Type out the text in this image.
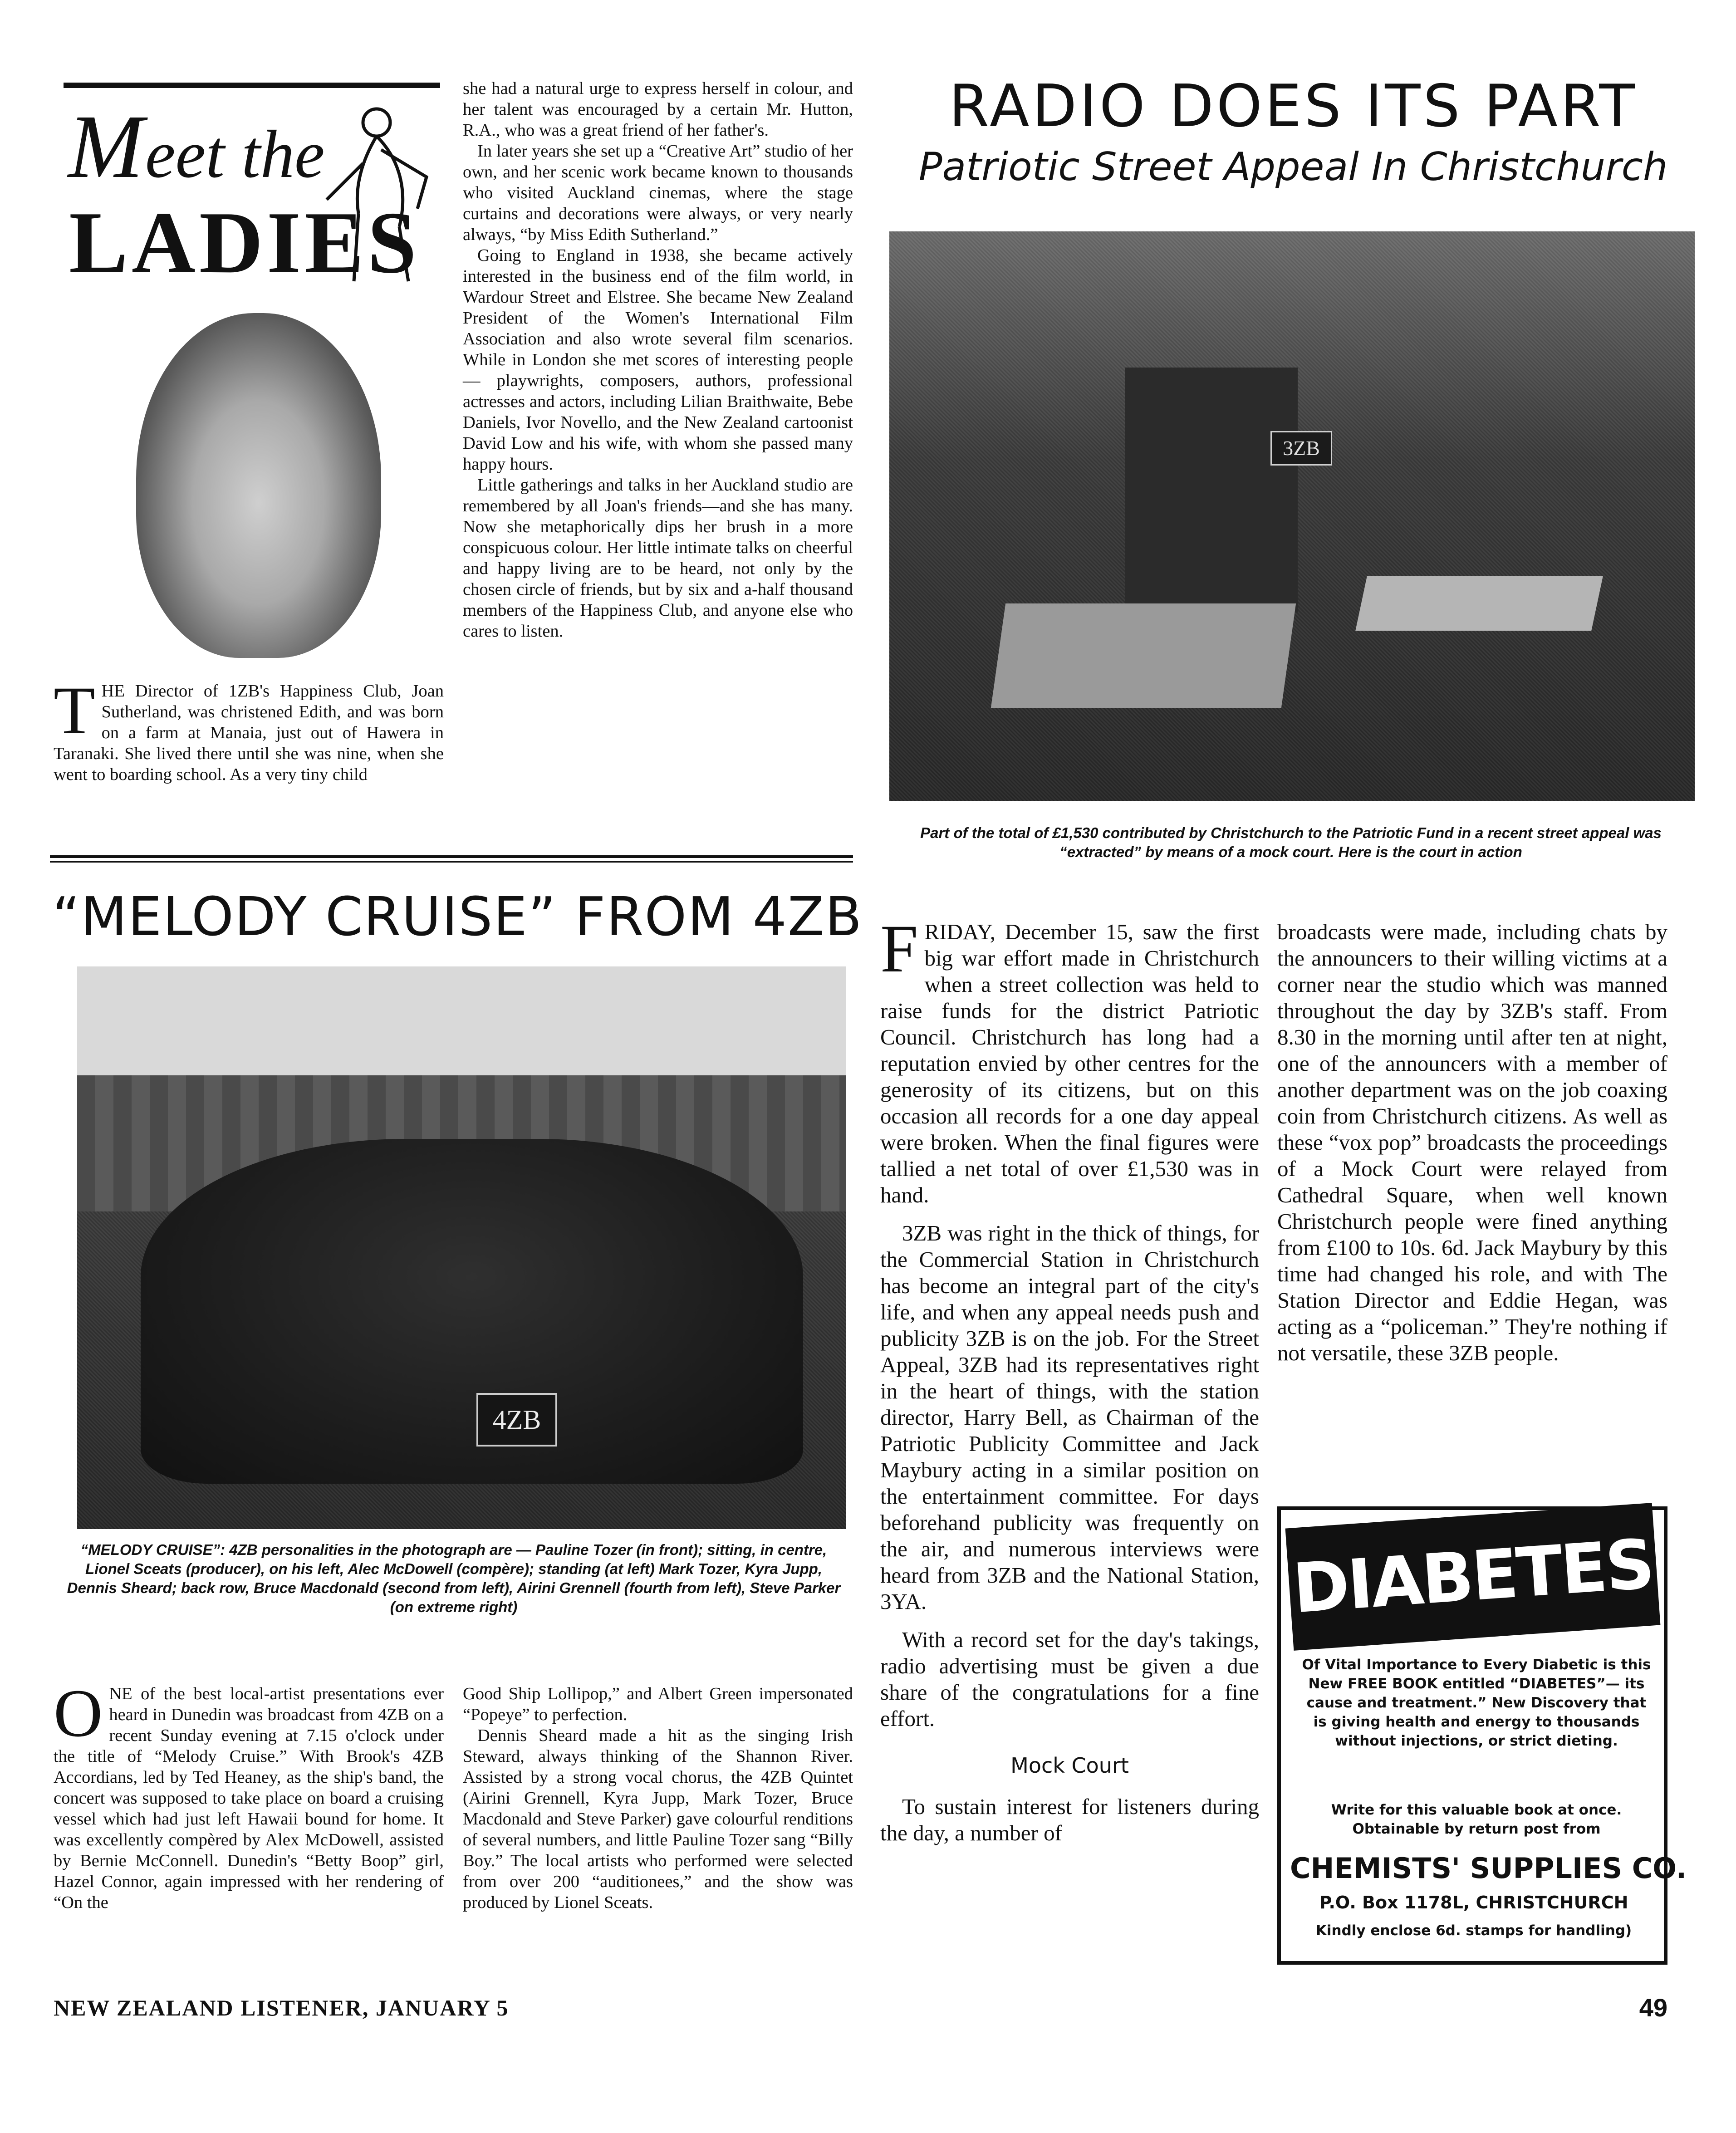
M eet the
LADIES
T HE Director of 1ZB's Happiness Club, Joan Sutherland, was christened Edith, and was born on a farm at Manaia, just out of Hawera in Taranaki. She lived there until she was nine, when she went to boarding school. As a very tiny child

she had a natural urge to express herself in colour, and her talent was encouraged by a certain Mr. Hutton, R.A., who was a great friend of her father's.

In later years she set up a “Creative Art” studio of her own, and her scenic work became known to thousands who visited Auckland cinemas, where the stage curtains and decorations were always, or very nearly always, “by Miss Edith Sutherland.”

Going to England in 1938, she became actively interested in the business end of the film world, in Wardour Street and Elstree. She became New Zealand President of the Women's International Film Association and also wrote several film scenarios. While in London she met scores of interesting people — playwrights, composers, authors, professional actresses and actors, including Lilian Braithwaite, Bebe Daniels, Ivor Novello, and the New Zealand cartoonist David Low and his wife, with whom she passed many happy hours.

Little gatherings and talks in her Auckland studio are remembered by all Joan's friends—and she has many. Now she metaphorically dips her brush in a more conspicuous colour. Her little intimate talks on cheerful and happy living are to be heard, not only by the chosen circle of friends, but by six and a-half thousand members of the Happiness Club, and anyone else who cares to listen.

RADIO DOES ITS PART
Patriotic Street Appeal In Christchurch
3ZB
Part of the total of £1,530 contributed by Christchurch to the Patriotic Fund in a recent street appeal was “extracted” by means of a mock court. Here is the court in action

FRIDAY, December 15, saw the first big war effort made in Christchurch when a street collection was held to raise funds for the district Patriotic Council. Christchurch has long had a reputation envied by other centres for the generosity of its citizens, but on this occasion all records for a one day appeal were broken. When the final figures were tallied a net total of over £1,530 was in hand.

3ZB was right in the thick of things, for the Commercial Station in Christchurch has become an integral part of the city's life, and when any appeal needs push and publicity 3ZB is on the job. For the Street Appeal, 3ZB had its representatives right in the heart of things, with the station director, Harry Bell, as Chairman of the Patriotic Publicity Committee and Jack Maybury acting in a similar position on the entertainment committee. For days beforehand publicity was frequently on the air, and numerous interviews were heard from 3ZB and the National Station, 3YA.

With a record set for the day's takings, radio advertising must be given a due share of the congratulations for a fine effort.

Mock Court

To sustain interest for listeners during the day, a number of

broadcasts were made, including chats by the announcers to their willing victims at a corner near the studio which was manned throughout the day by 3ZB's staff. From 8.30 in the morning until after ten at night, one of the announcers with a member of another department was on the job coaxing coin from Christchurch citizens. As well as these “vox pop” broadcasts the proceedings of a Mock Court were relayed from Cathedral Square, when well known Christchurch people were fined anything from £100 to 10s. 6d. Jack Maybury by this time had changed his role, and with The Station Director and Eddie Hegan, was acting as a “policeman.” They're nothing if not versatile, these 3ZB people.

DIABETES
Of Vital Importance to Every Diabetic is this New FREE BOOK entitled “DIABETES”— its cause and treatment.” New Discovery that is giving health and energy to thousands without injections, or strict dieting.
Write for this valuable book at once. Obtainable by return post from
CHEMISTS' SUPPLIES CO.
P.O. Box 1178L, CHRISTCHURCH
Kindly enclose 6d. stamps for handling)
“MELODY CRUISE” FROM 4ZB
4ZB
“MELODY CRUISE”: 4ZB personalities in the photograph are — Pauline Tozer (in front); sitting, in centre, Lionel Sceats (producer), on his left, Alec McDowell (compère); standing (at left) Mark Tozer, Kyra Jupp, Dennis Sheard; back row, Bruce Macdonald (second from left), Airini Grennell (fourth from left), Steve Parker (on extreme right)
O NE of the best local-artist presentations ever heard in Dunedin was broadcast from 4ZB on a recent Sunday evening at 7.15 o'clock under the title of “Melody Cruise.” With Brook's 4ZB Accordians, led by Ted Heaney, as the ship's band, the concert was supposed to take place on board a cruising vessel which had just left Hawaii bound for home. It was excellently compèred by Alex McDowell, assisted by Bernie McConnell. Dunedin's “Betty Boop” girl, Hazel Connor, again impressed with her rendering of “On the

Good Ship Lollipop,” and Albert Green impersonated “Popeye” to perfection.

Dennis Sheard made a hit as the singing Irish Steward, always thinking of the Shannon River. Assisted by a strong vocal chorus, the 4ZB Quintet (Airini Grennell, Kyra Jupp, Mark Tozer, Bruce Macdonald and Steve Parker) gave colourful renditions of several numbers, and little Pauline Tozer sang “Billy Boy.” The local artists who performed were selected from over 200 “auditionees,” and the show was produced by Lionel Sceats.

NEW ZEALAND LISTENER, JANUARY 5	49
